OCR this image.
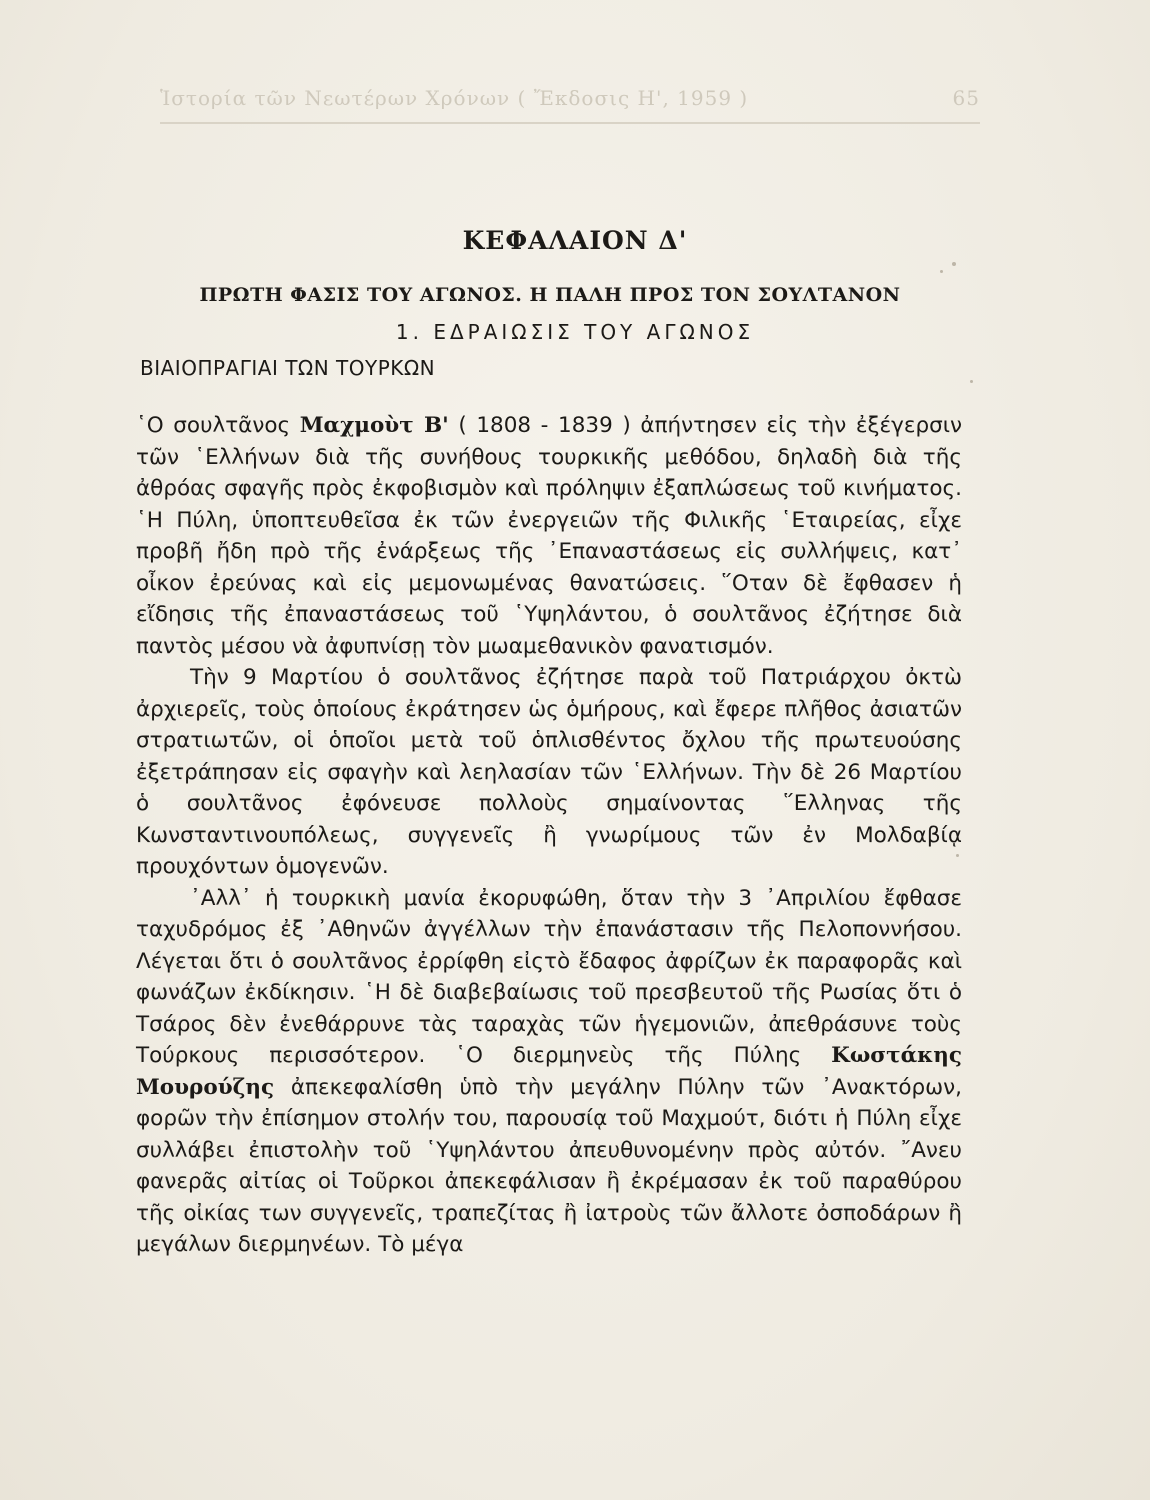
Ἱστορία τῶν Νεωτέρων Χρόνων ( Ἔκδοσις Η', 1959 )	65
ΚΕΦΑΛΑΙΟΝ Δ'
ΠΡΩΤΗ ΦΑΣΙΣ ΤΟΥ ΑΓΩΝΟΣ. Η ΠΑΛΗ ΠΡΟΣ ΤΟΝ ΣΟΥΛΤΑΝΟΝ
1. ΕΔΡΑΙΩΣΙΣ ΤΟΥ ΑΓΩΝΟΣ
ΒΙΑΙΟΠΡΑΓΙΑΙ ΤΩΝ ΤΟΥΡΚΩΝ

῾Ο σουλτᾶνος Μαχμοὺτ Β' ( 1808 - 1839 ) ἀπήντησεν εἰς τὴν ἐξέγερσιν τῶν ῾Ελλήνων διὰ τῆς συνήθους τουρκικῆς μεθόδου, δηλαδὴ διὰ τῆς ἀθρόας σφαγῆς πρὸς ἐκφοβισμὸν καὶ πρόληψιν ἐξαπλώσεως τοῦ κινήματος. ῾Η Πύλη, ὑποπτευθεῖσα ἐκ τῶν ἐνεργειῶν τῆς Φιλικῆς ῾Εταιρείας, εἶχε προβῆ ἤδη πρὸ τῆς ἐνάρξεως τῆς ᾿Επαναστάσεως εἰς συλλήψεις, κατ᾿ οἶκον ἐρεύνας καὶ εἰς μεμονωμένας θανατώσεις. ῞Οταν δὲ ἔφθασεν ἡ εἴδησις τῆς ἐπαναστάσεως τοῦ ῾Υψηλάντου, ὁ σουλτᾶνος ἐζήτησε διὰ παντὸς μέσου νὰ ἀφυπνίσῃ τὸν μωαμεθανικὸν φανατισμόν.

Τὴν 9 Μαρτίου ὁ σουλτᾶνος ἐζήτησε παρὰ τοῦ Πατριάρχου ὀκτὼ ἀρχιερεῖς, τοὺς ὁποίους ἐκράτησεν ὡς ὁμήρους, καὶ ἔφερε πλῆθος ἀσιατῶν στρατιωτῶν, οἱ ὁποῖοι μετὰ τοῦ ὁπλισθέντος ὄχλου τῆς πρωτευούσης ἐξετράπησαν εἰς σφαγὴν καὶ λεηλασίαν τῶν ῾Ελλήνων. Τὴν δὲ 26 Μαρτίου ὁ σουλτᾶνος ἐφόνευσε πολλοὺς σημαίνοντας ῞Ελληνας τῆς Κωνσταντινουπόλεως, συγγενεῖς ἢ γνωρίμους τῶν ἐν Μολδαβίᾳ προυχόντων ὁμογενῶν.

᾿Αλλ᾿ ἡ τουρκικὴ μανία ἐκορυφώθη, ὅταν τὴν 3 ᾿Απριλίου ἔφθασε ταχυδρόμος ἐξ ᾿Αθηνῶν ἀγγέλλων τὴν ἐπανάστασιν τῆς Πελοποννήσου. Λέγεται ὅτι ὁ σουλτᾶνος ἐρρίφθη εἰςτὸ ἔδαφος ἀφρίζων ἐκ παραφορᾶς καὶ φωνάζων ἐκδίκησιν. ῾Η δὲ διαβεβαίωσις τοῦ πρεσβευτοῦ τῆς Ρωσίας ὅτι ὁ Τσάρος δὲν ἐνεθάρρυνε τὰς ταραχὰς τῶν ἡγεμονιῶν, ἀπεθράσυνε τοὺς Τούρκους περισσότερον. ῾Ο διερμηνεὺς τῆς Πύλης Κωστάκης Μουρούζης ἀπεκεφαλίσθη ὑπὸ τὴν μεγάλην Πύλην τῶν ᾿Ανακτόρων, φορῶν τὴν ἐπίσημον στολήν του, παρουσίᾳ τοῦ Μαχμούτ, διότι ἡ Πύλη εἶχε συλλάβει ἐπιστολὴν τοῦ ῾Υψηλάντου ἀπευθυνομένην πρὸς αὐτόν. ῎Ανευ φανερᾶς αἰτίας οἱ Τοῦρκοι ἀπεκεφάλισαν ἢ ἐκρέμασαν ἐκ τοῦ παραθύρου τῆς οἰκίας των συγγενεῖς, τραπεζίτας ἢ ἰατροὺς τῶν ἄλλοτε ὀσποδάρων ἢ μεγάλων διερμηνέων. Τὸ μέγα
